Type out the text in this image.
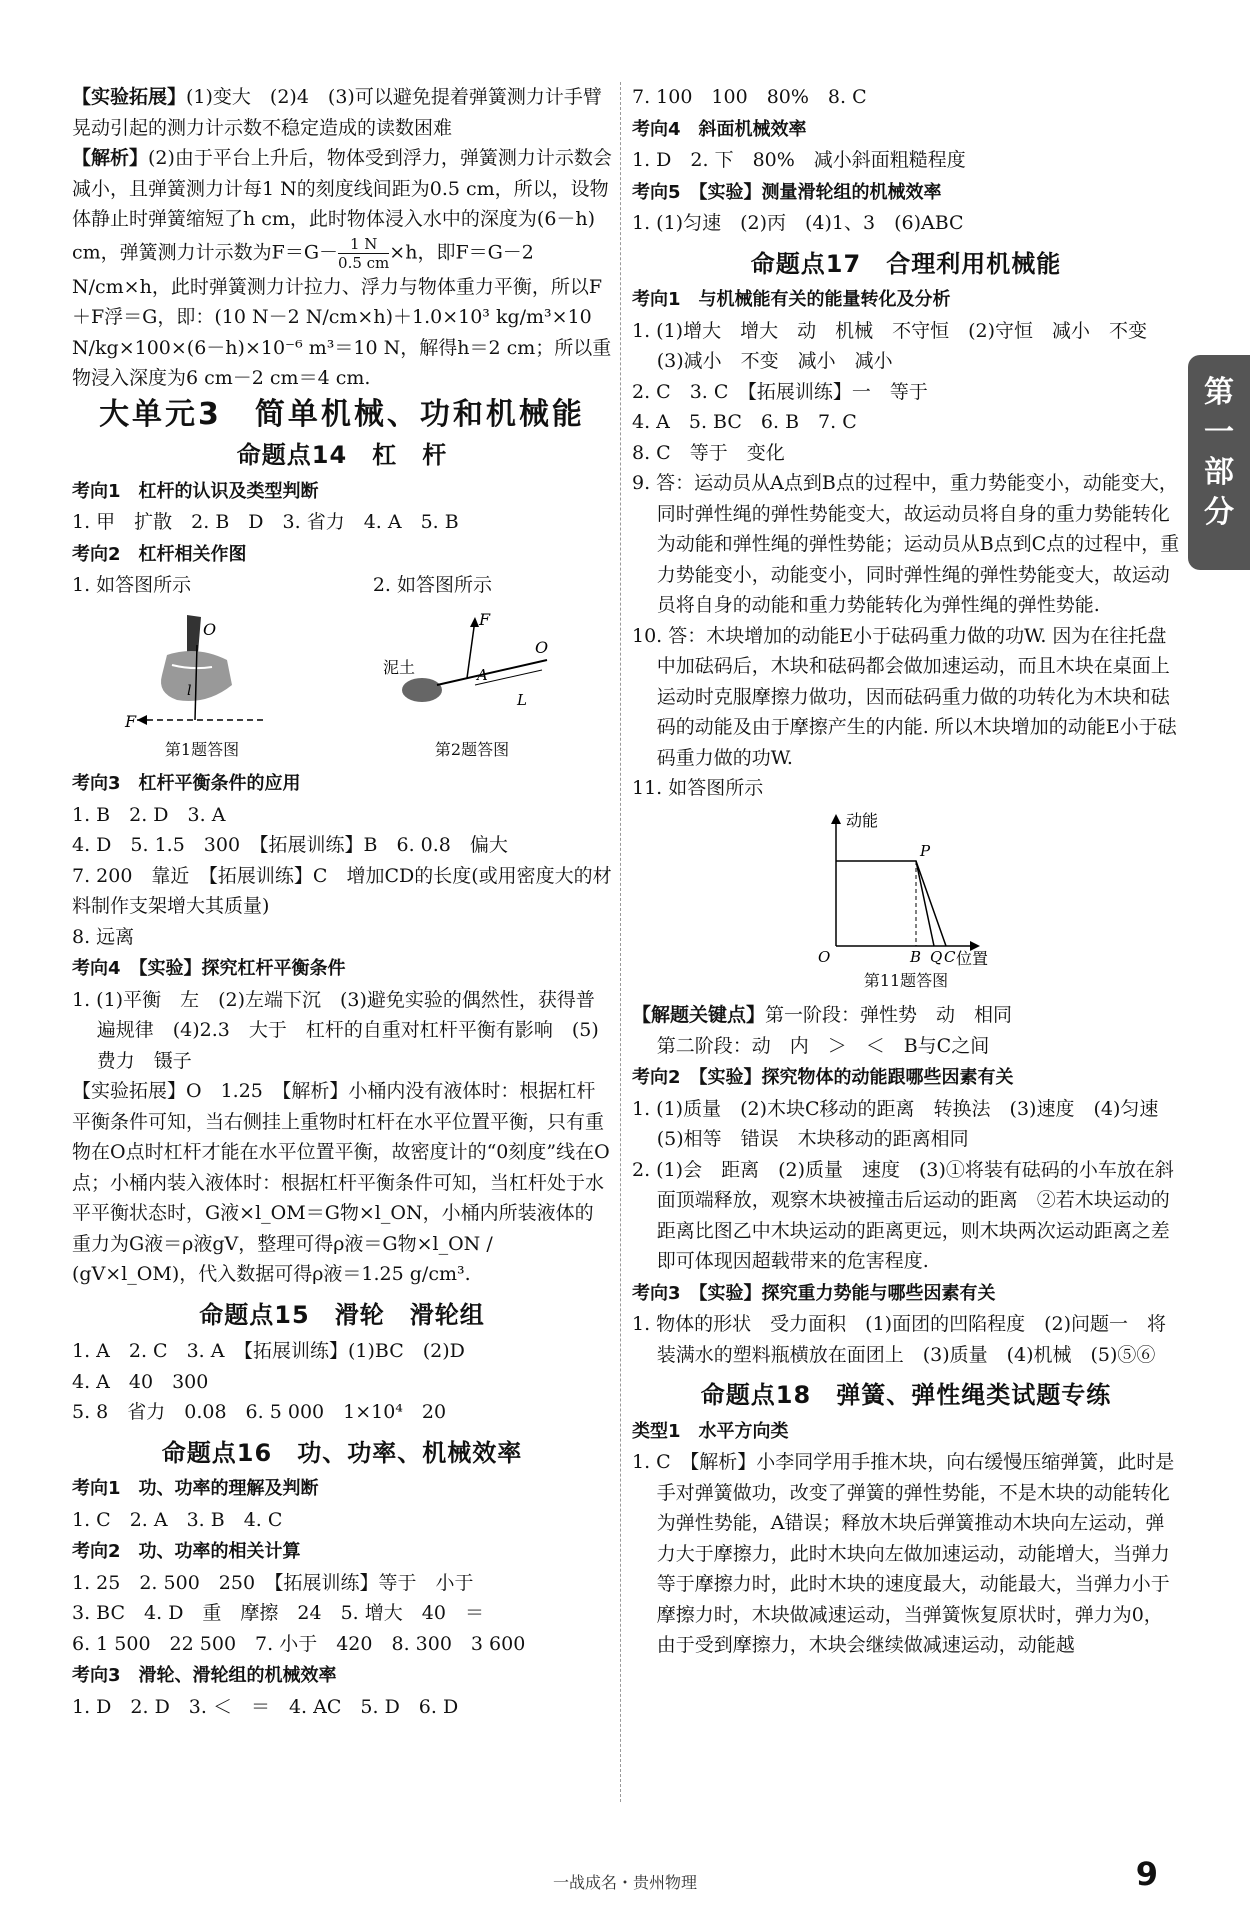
【实验拓展】(1)变大　(2)4　(3)可以避免提着弹簧测力计手臂晃动引起的测力计示数不稳定造成的读数困难

【解析】(2)由于平台上升后，物体受到浮力，弹簧测力计示数会减小，且弹簧测力计每1 N的刻度线间距为0.5 cm，所以，设物体静止时弹簧缩短了h cm，此时物体浸入水中的深度为(6－h) cm，弹簧测力计示数为$F=G- \frac{1 N}{0.5 cm} \times h$，即F＝G－2 N/cm×h，此时弹簧测力计拉力、浮力与物体重力平衡，所以F＋F浮＝G，即：(10 N－2 N/cm×h)＋1.0×10³ kg/m³×10 N/kg×100×(6－h)×10⁻⁶ m³＝10 N，解得h＝2 cm；所以重物浸入深度为6 cm－2 cm＝4 cm.

大单元3　简单机械、功和机械能
命题点14　杠　杆

考向1　杠杆的认识及类型判断

1. 甲　扩散　2. B　D　3. 省力　4. A　5. B

考向2　杠杆相关作图

1. 如答图所示	2. 如答图所示
F
O
l
第1题答图
F
A
O
L
泥土
第2题答图

考向3　杠杆平衡条件的应用

1. B　2. D　3. A

4. D　5. 1.5　300　【拓展训练】B　6. 0.8　偏大

7. 200　靠近　【拓展训练】C　增加CD的长度(或用密度大的材料制作支架增大其质量)

8. 远离

考向4　【实验】探究杠杆平衡条件

1. (1)平衡　左　(2)左端下沉　(3)避免实验的偶然性，获得普遍规律　(4)2.3　大于　杠杆的自重对杠杆平衡有影响　(5)费力　镊子

【实验拓展】O　1.25　【解析】小桶内没有液体时：根据杠杆平衡条件可知，当右侧挂上重物时杠杆在水平位置平衡，只有重物在O点时杠杆才能在水平位置平衡，故密度计的“0刻度”线在O点；小桶内装入液体时：根据杠杆平衡条件可知，当杠杆处于水平平衡状态时，G液×l_OM＝G物×l_ON，小桶内所装液体的重力为G液＝ρ液gV，整理可得ρ液＝G物×l_ON / (gV×l_OM)，代入数据可得ρ液＝1.25 g/cm³.

命题点15　滑轮　滑轮组

1. A　2. C　3. A　【拓展训练】(1)BC　(2)D

4. A　40　300

5. 8　省力　0.08　6. 5 000　1×10⁴　20

命题点16　功、功率、机械效率

考向1　功、功率的理解及判断

1. C　2. A　3. B　4. C

考向2　功、功率的相关计算

1. 25　2. 500　250　【拓展训练】等于　小于

3. BC　4. D　重　摩擦　24　5. 增大　40　＝

6. 1 500　22 500　7. 小于　420　8. 300　3 600

考向3　滑轮、滑轮组的机械效率

1. D　2. D　3. ＜　＝　4. AC　5. D　6. D

7. 100　100　80%　8. C

考向4　斜面机械效率

1. D　2. 下　80%　减小斜面粗糙程度

考向5　【实验】测量滑轮组的机械效率

1. (1)匀速　(2)丙　(4)1、3　(6)ABC

命题点17　合理利用机械能

考向1　与机械能有关的能量转化及分析

1. (1)增大　增大　动　机械　不守恒　(2)守恒　减小　不变　(3)减小　不变　减小　减小

2. C　3. C　【拓展训练】一　等于

4. A　5. BC　6. B　7. C

8. C　等于　变化

9. 答：运动员从A点到B点的过程中，重力势能变小，动能变大，同时弹性绳的弹性势能变大，故运动员将自身的重力势能转化为动能和弹性绳的弹性势能；运动员从B点到C点的过程中，重力势能变小，动能变小，同时弹性绳的弹性势能变大，故运动员将自身的动能和重力势能转化为弹性绳的弹性势能.

10. 答：木块增加的动能E小于砝码重力做的功W. 因为在往托盘中加砝码后，木块和砝码都会做加速运动，而且木块在桌面上运动时克服摩擦力做功，因而砝码重力做的功转化为木块和砝码的动能及由于摩擦产生的内能. 所以木块增加的动能E小于砝码重力做的功W.

11. 如答图所示

动能
位置
O
P
B Q C
第11题答图

【解题关键点】第一阶段：弹性势　动　相同

第二阶段：动　内　＞　＜　B与C之间

考向2　【实验】探究物体的动能跟哪些因素有关

1. (1)质量　(2)木块C移动的距离　转换法　(3)速度　(4)匀速　(5)相等　错误　木块移动的距离相同

2. (1)会　距离　(2)质量　速度　(3)①将装有砝码的小车放在斜面顶端释放，观察木块被撞击后运动的距离　②若木块运动的距离比图乙中木块运动的距离更远，则木块两次运动距离之差即可体现因超载带来的危害程度.

考向3　【实验】探究重力势能与哪些因素有关

1. 物体的形状　受力面积　(1)面团的凹陷程度　(2)问题一　将装满水的塑料瓶横放在面团上　(3)质量　(4)机械　(5)⑤⑥

命题点18　弹簧、弹性绳类试题专练

类型1　水平方向类

1. C　【解析】小李同学用手推木块，向右缓慢压缩弹簧，此时是手对弹簧做功，改变了弹簧的弹性势能，不是木块的动能转化为弹性势能，A错误；释放木块后弹簧推动木块向左运动，弹力大于摩擦力，此时木块向左做加速运动，动能增大，当弹力等于摩擦力时，此时木块的速度最大，动能最大，当弹力小于摩擦力时，木块做减速运动，当弹簧恢复原状时，弹力为0，由于受到摩擦力，木块会继续做减速运动，动能越

第一部分
一战成名・贵州物理	9
